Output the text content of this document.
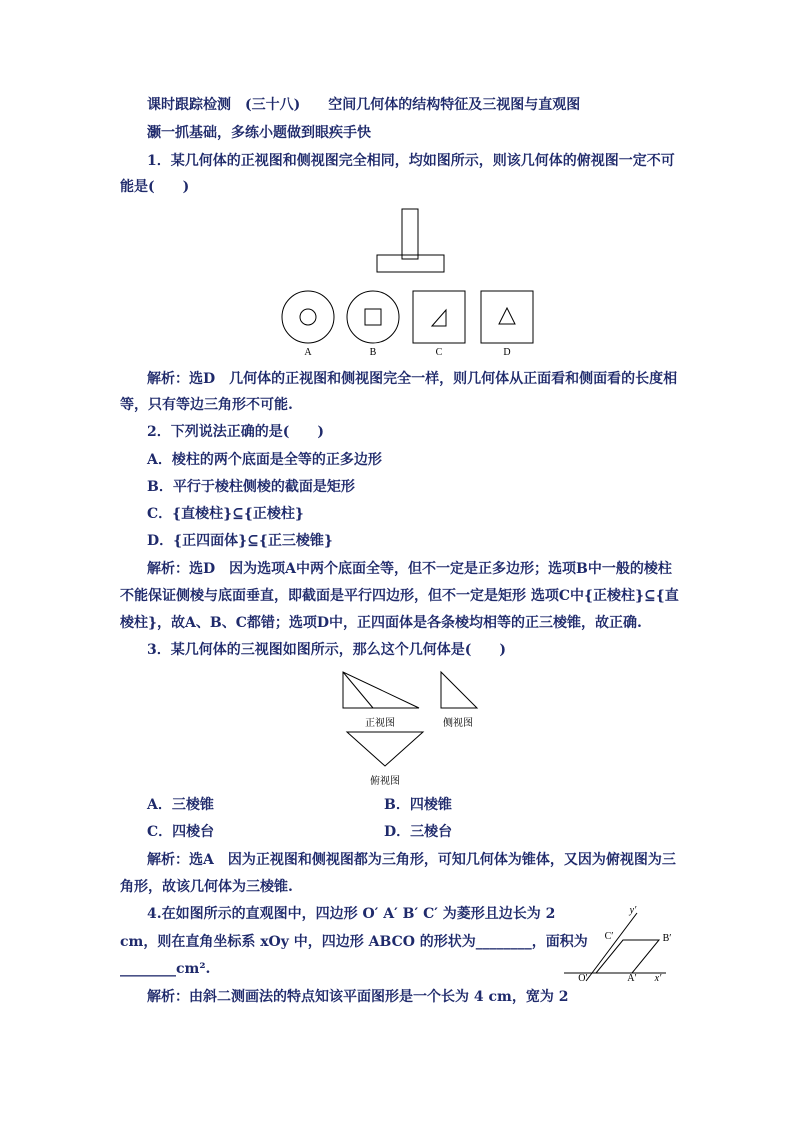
课时跟踪检测　(三十八)　　空间几何体的结构特征及三视图与直观图
灏一抓基础，多练小题做到眼疾手快
1．某几何体的正视图和侧视图完全相同，均如图所示，则该几何体的俯视图一定不可
能是(　　)
A	B	C	D
解析：选D　几何体的正视图和侧视图完全一样，则几何体从正面看和侧面看的长度相
等，只有等边三角形不可能.
2．下列说法正确的是(　　)
A．棱柱的两个底面是全等的正多边形
B．平行于棱柱侧棱的截面是矩形
C．{直棱柱}⊆{正棱柱}
D．{正四面体}⊆{正三棱锥}
解析：选D　因为选项A中两个底面全等，但不一定是正多边形；选项B中一般的棱柱
不能保证侧棱与底面垂直，即截面是平行四边形，但不一定是矩形 选项C中{正棱柱}⊆{直
棱柱}，故A、B、C都错；选项D中，正四面体是各条棱均相等的正三棱锥，故正确.
3．某几何体的三视图如图所示，那么这个几何体是(　　)
正视图	侧视图
俯视图
A．三棱锥	B．四棱锥
C．四棱台	D．三棱台
解析：选A　因为正视图和侧视图都为三角形，可知几何体为锥体，又因为俯视图为三
角形，故该几何体为三棱锥.
4.在如图所示的直观图中，四边形 O′ A′ B′ C′ 为菱形且边长为 2
cm，则在直角坐标系 xOy 中，四边形 ABCO 的形状为________，面积为
________cm².
y′
C′	B′
O′	A′	x′
解析：由斜二测画法的特点知该平面图形是一个长为 4 cm，宽为 2
